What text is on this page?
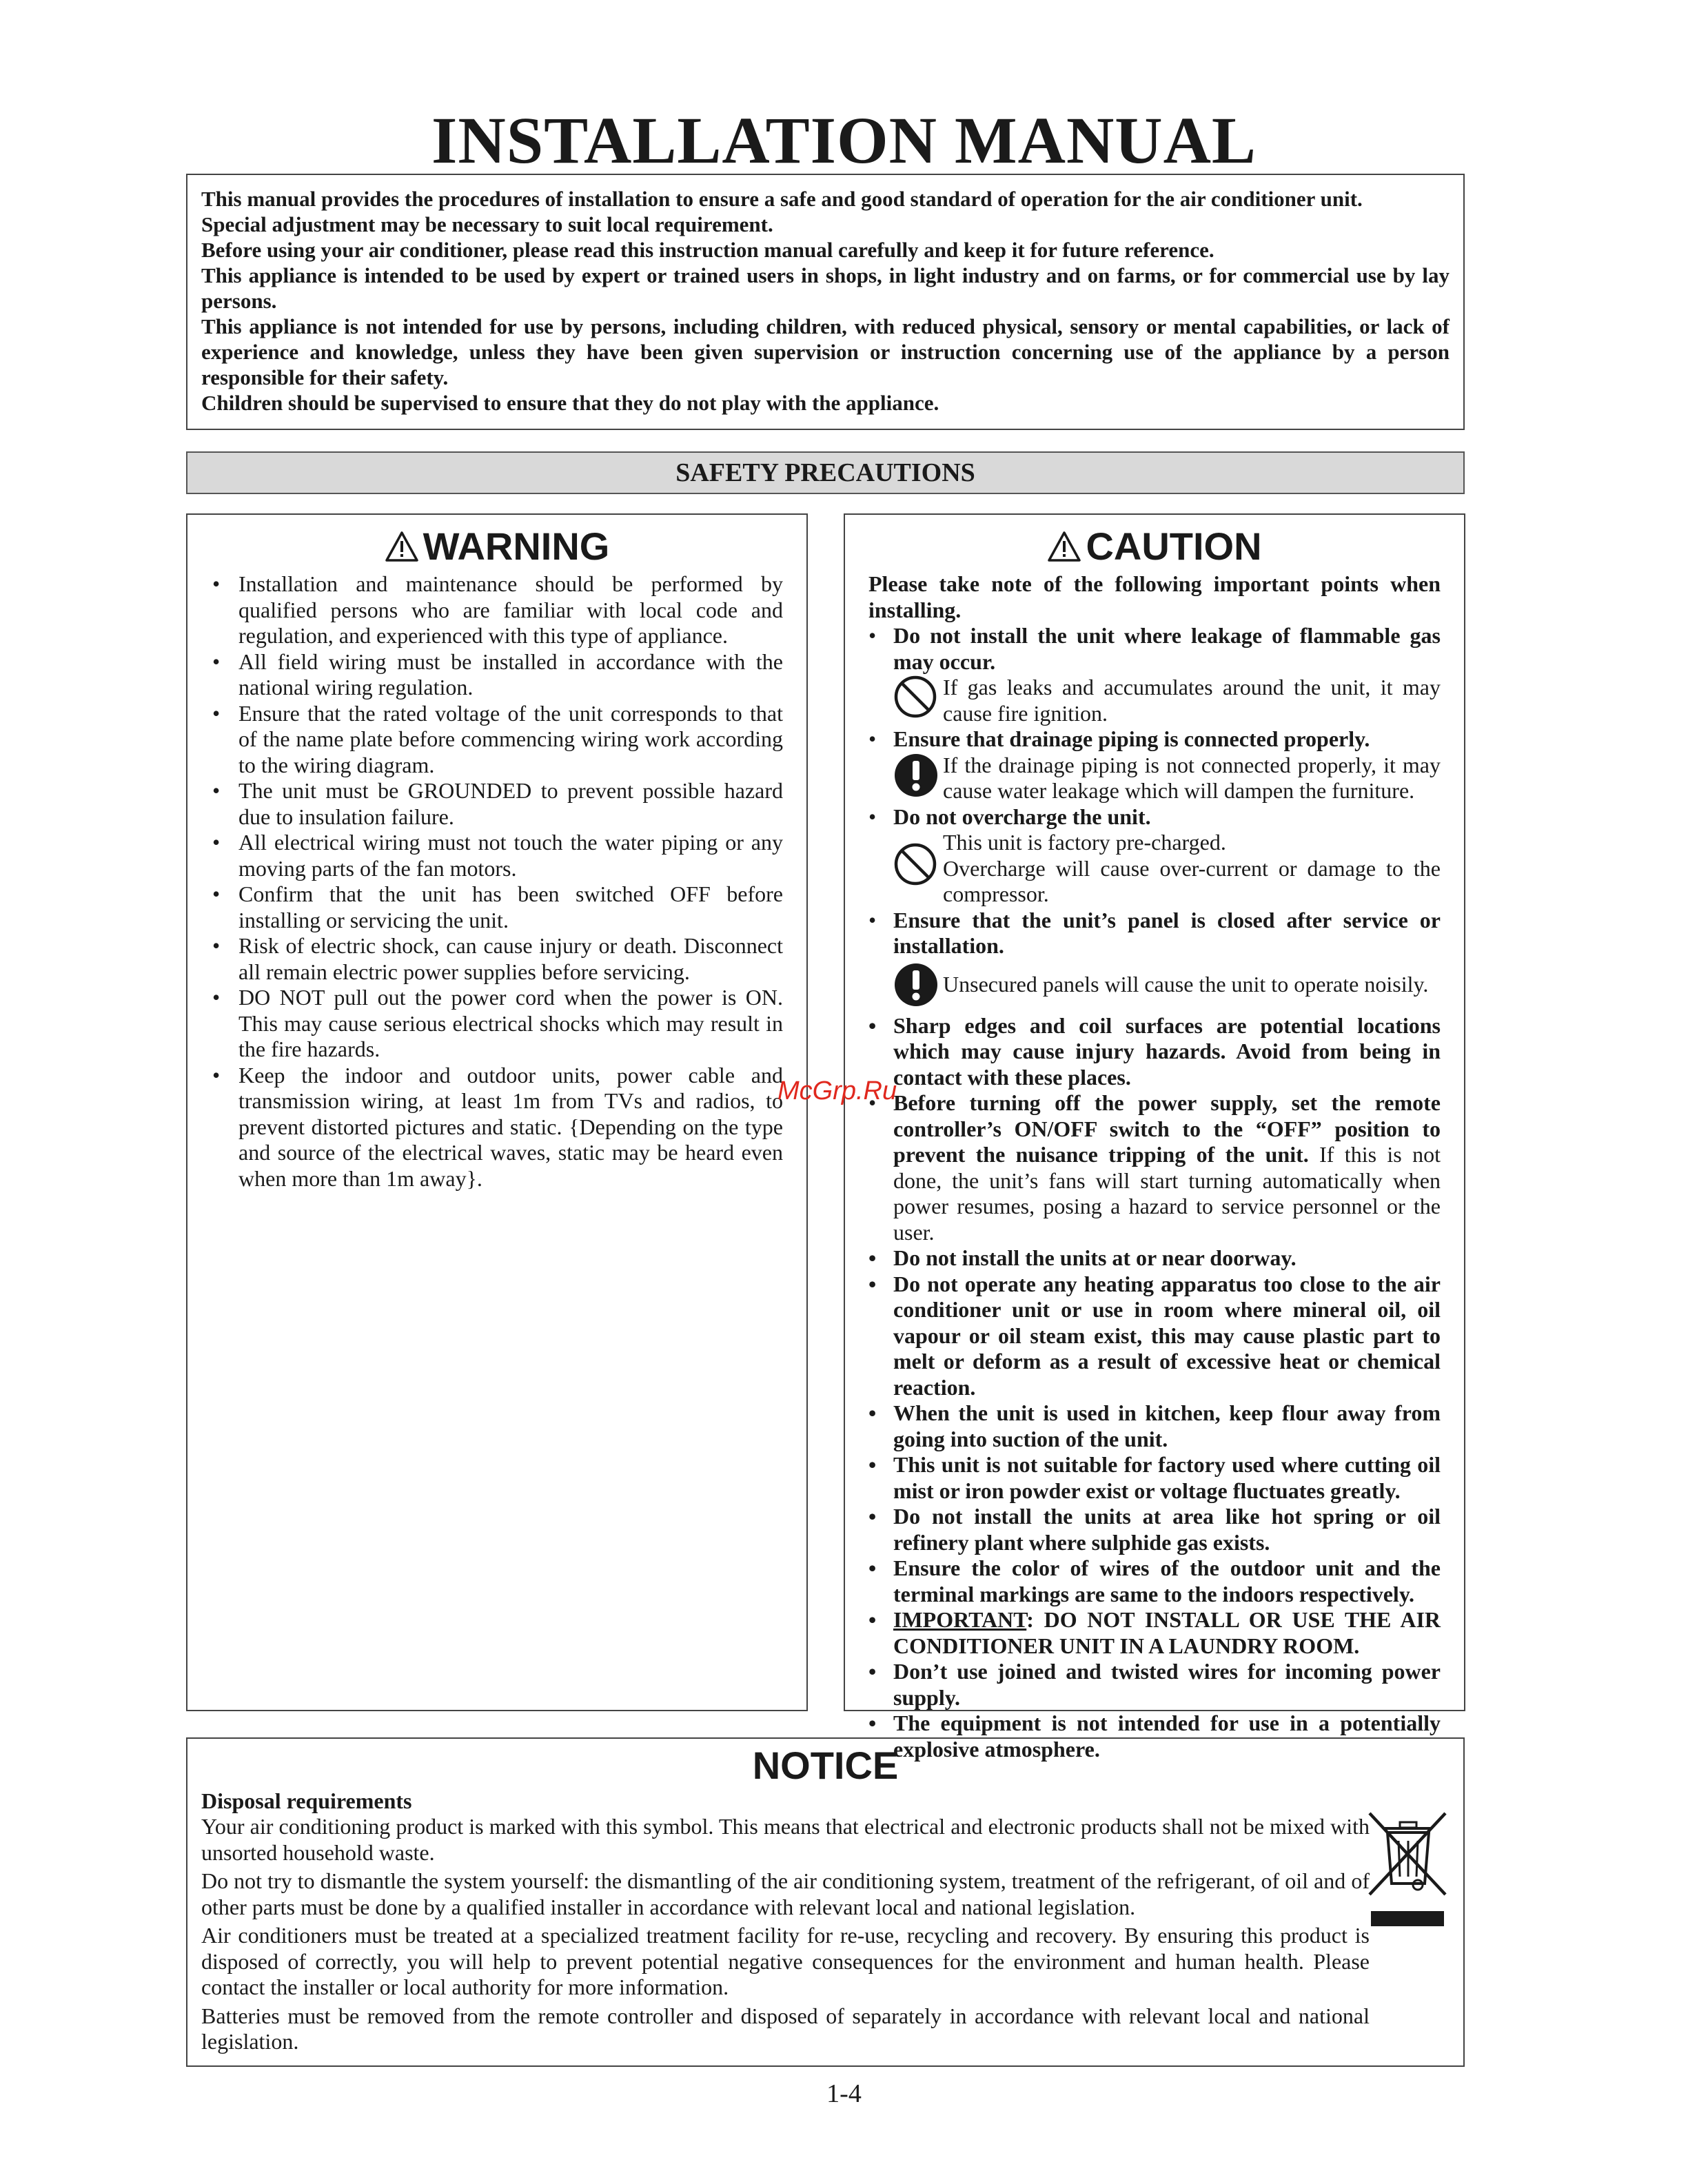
INSTALLATION MANUAL

This manual provides the procedures of installation to ensure a safe and good standard of operation for the air conditioner unit.

Special adjustment may be necessary to suit local requirement.

Before using your air conditioner, please read this instruction manual carefully and keep it for future reference.

This appliance is intended to be used by expert or trained users in shops, in light industry and on farms, or for commercial use by lay persons.

This appliance is not intended for use by persons, including children, with reduced physical, sensory or mental capabilities, or lack of experience and knowledge, unless they have been given supervision or instruction concerning use of the appliance by a person responsible for their safety.

Children should be supervised to ensure that they do not play with the appliance.

SAFETY PRECAUTIONS
WARNING
• Installation and maintenance should be performed by qualified persons who are familiar with local code and regulation, and experienced with this type of appliance.
• All field wiring must be installed in accordance with the national wiring regulation.
• Ensure that the rated voltage of the unit corresponds to that of the name plate before commencing wiring work according to the wiring diagram.
• The unit must be GROUNDED to prevent possible hazard due to insulation failure.
• All electrical wiring must not touch the water piping or any moving parts of the fan motors.
• Confirm that the unit has been switched OFF before installing or servicing the unit.
• Risk of electric shock, can cause injury or death. Disconnect all remain electric power supplies before servicing.
• DO NOT pull out the power cord when the power is ON. This may cause serious electrical shocks which may result in the fire hazards.
• Keep the indoor and outdoor units, power cable and transmission wiring, at least 1m from TVs and radios, to prevent distorted pictures and static. {Depending on the type and source of the electrical waves, static may be heard even when more than 1m away}.
CAUTION

Please take note of the following important points when installing.

• Do not install the unit where leakage of flammable gas may occur.
If gas leaks and accumulates around the unit, it may cause fire ignition.
• Ensure that drainage piping is connected properly.
If the drainage piping is not connected properly, it may cause water leakage which will dampen the furniture.
• Do not overcharge the unit.
This unit is factory pre-charged.
Overcharge will cause over-current or damage to the compressor.
• Ensure that the unit’s panel is closed after service or installation.
Unsecured panels will cause the unit to operate noisily.
• Sharp edges and coil surfaces are potential locations which may cause injury hazards. Avoid from being in contact with these places.
• Before turning off the power supply, set the remote controller’s ON/OFF switch to the “OFF” position to prevent the nuisance tripping of the unit. If this is not done, the unit’s fans will start turning automatically when power resumes, posing a hazard to service personnel or the user.
• Do not install the units at or near doorway.
• Do not operate any heating apparatus too close to the air conditioner unit or use in room where mineral oil, oil vapour or oil steam exist, this may cause plastic part to melt or deform as a result of excessive heat or chemical reaction.
• When the unit is used in kitchen, keep flour away from going into suction of the unit.
• This unit is not suitable for factory used where cutting oil mist or iron powder exist or voltage fluctuates greatly.
• Do not install the units at area like hot spring or oil refinery plant where sulphide gas exists.
• Ensure the color of wires of the outdoor unit and the terminal markings are same to the indoors respectively.
• IMPORTANT: DO NOT INSTALL OR USE THE AIR CONDITIONER UNIT IN A LAUNDRY ROOM.
• Don’t use joined and twisted wires for incoming power supply.
• The equipment is not intended for use in a potentially explosive atmosphere.
NOTICE

Disposal requirements

Your air conditioning product is marked with this symbol. This means that electrical and electronic products shall not be mixed with unsorted household waste.

Do not try to dismantle the system yourself: the dismantling of the air conditioning system, treatment of the refrigerant, of oil and of other parts must be done by a qualified installer in accordance with relevant local and national legislation.

Air conditioners must be treated at a specialized treatment facility for re-use, recycling and recovery. By ensuring this product is disposed of correctly, you will help to prevent potential negative consequences for the environment and human health. Please contact the installer or local authority for more information.

Batteries must be removed from the remote controller and disposed of separately in accordance with relevant local and national legislation.

McGrp.Ru
1-4
